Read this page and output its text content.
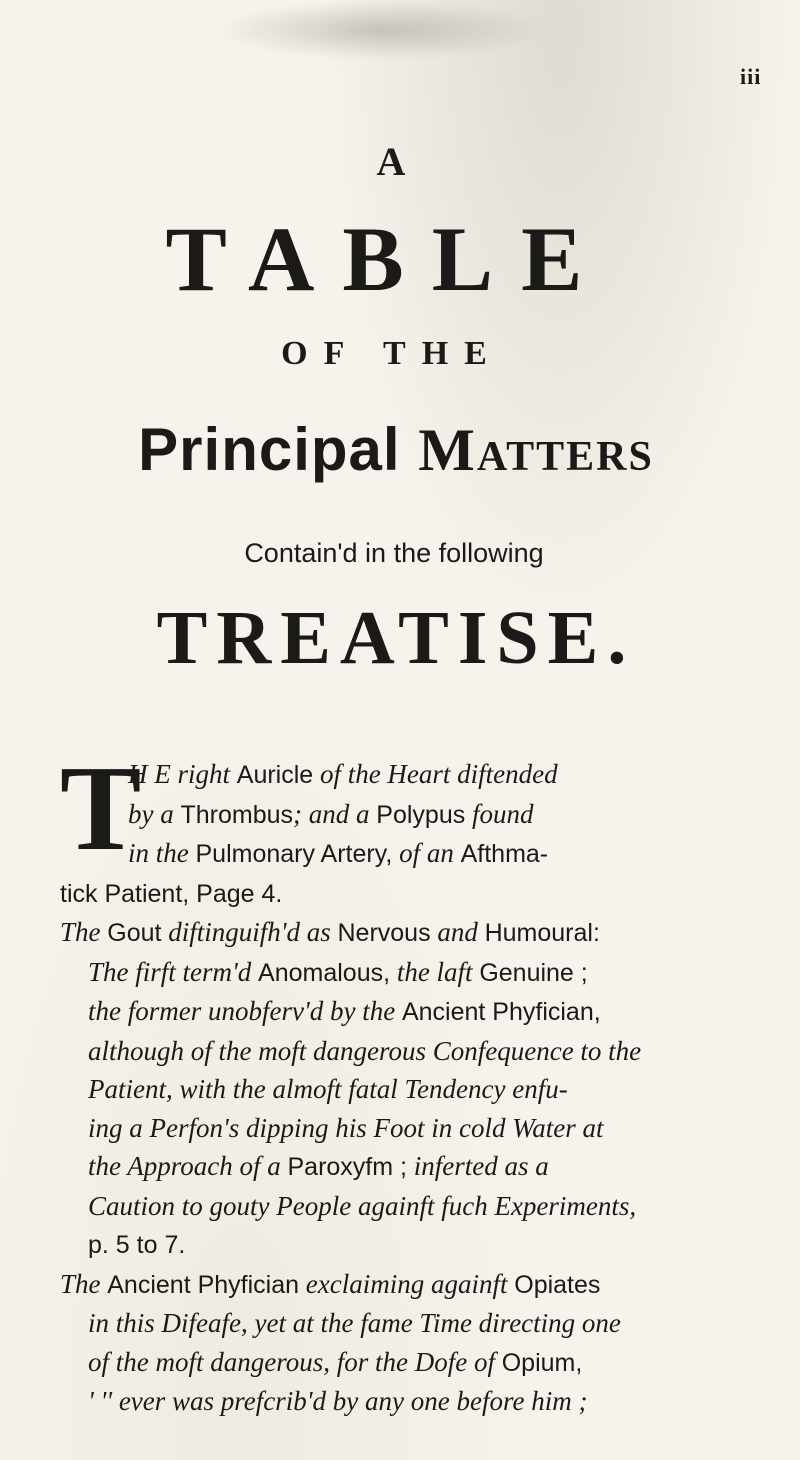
iii
A
TABLE
OF THE
Principal Matters
Contain'd in the following
TREATISE.
T
H E right Auricle of the Heart diftended
by a Thrombus; and a Polypus found
in the Pulmonary Artery, of an Afthma-
tick Patient, Page 4.
The Gout diftinguifh'd as Nervous and Humoural:
The firft term'd Anomalous, the laft Genuine ;
the former unobferv'd by the Ancient Phyfician,
although of the moft dangerous Confequence to the
Patient, with the almoft fatal Tendency enfu-
ing a Perfon's dipping his Foot in cold Water at
the Approach of a Paroxyfm ; inferted as a
Caution to gouty People againft fuch Experiments,
p. 5 to 7.
The Ancient Phyfician exclaiming againft Opiates
in this Difeafe, yet at the fame Time directing one
of the moft dangerous, for the Dofe of Opium,
' '' ever was prefcrib'd by any one before him ;
